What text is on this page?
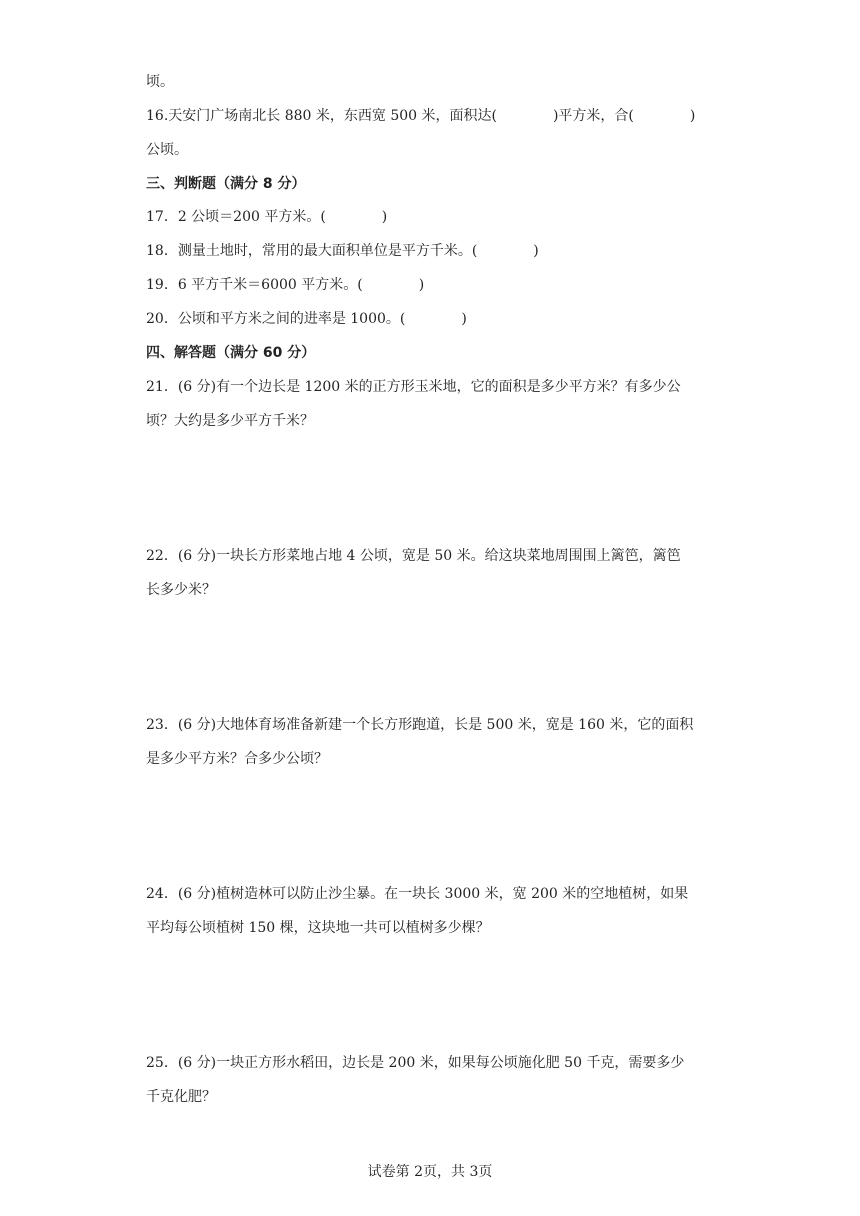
顷。
16.天安门广场南北长 880 米，东西宽 500 米，面积达(　　　　)平方米，合(　　　　)
公顷。
三、判断题（满分 8 分）
17．2 公顷＝200 平方米。(　　　　)
18．测量土地时，常用的最大面积单位是平方千米。(　　　　)
19．6 平方千米＝6000 平方米。(　　　　)
20．公顷和平方米之间的进率是 1000。(　　　　)
四、解答题（满分 60 分）
21．(6 分)有一个边长是 1200 米的正方形玉米地，它的面积是多少平方米？有多少公
顷？大约是多少平方千米？
22．(6 分)一块长方形菜地占地 4 公顷，宽是 50 米。给这块菜地周围围上篱笆，篱笆
长多少米？
23．(6 分)大地体育场准备新建一个长方形跑道，长是 500 米，宽是 160 米，它的面积
是多少平方米？合多少公顷？
24．(6 分)植树造林可以防止沙尘暴。在一块长 3000 米，宽 200 米的空地植树，如果
平均每公顷植树 150 棵，这块地一共可以植树多少棵？
25．(6 分)一块正方形水稻田，边长是 200 米，如果每公顷施化肥 50 千克，需要多少
千克化肥？
试卷第 2页，共 3页
